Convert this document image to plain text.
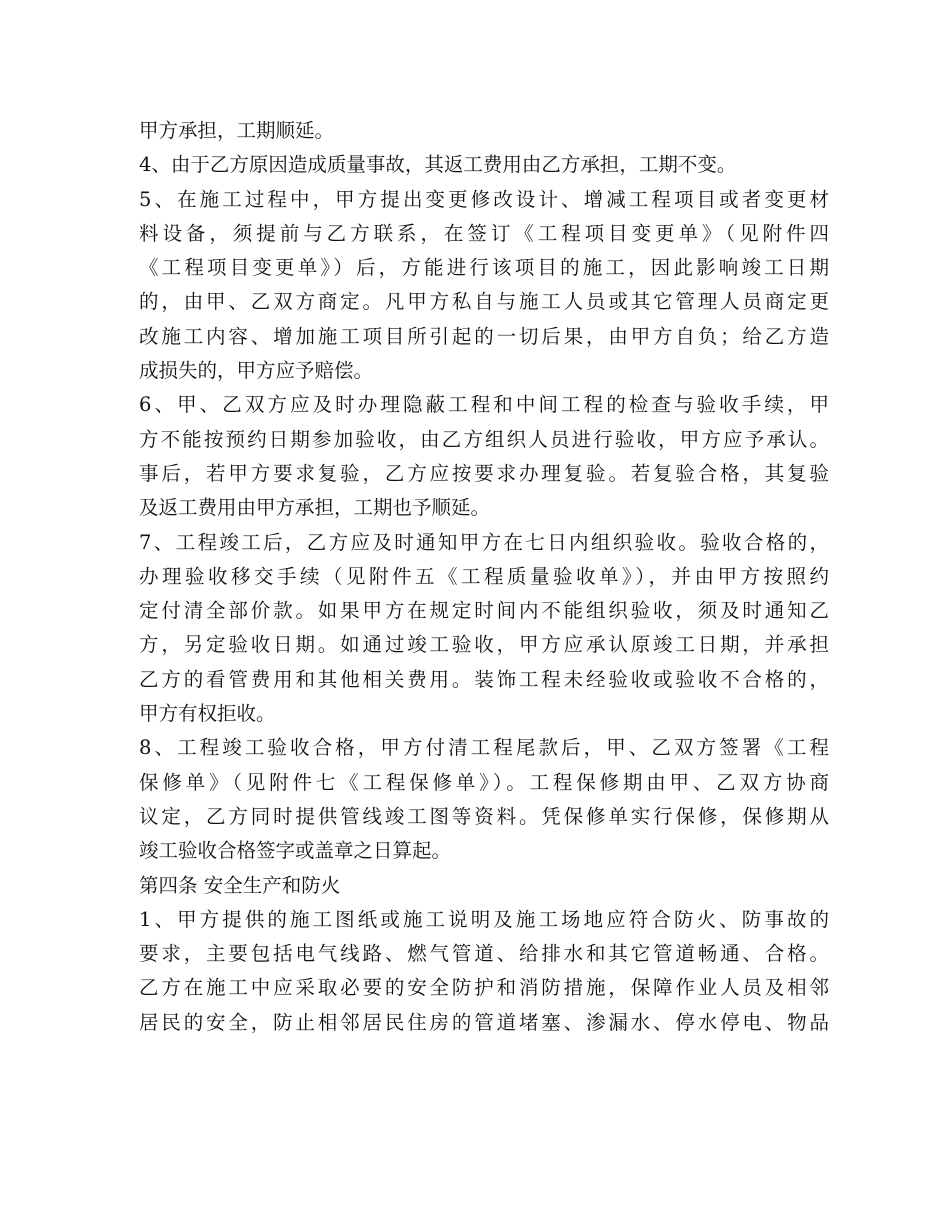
甲方承担，工期顺延。
4、由于乙方原因造成质量事故，其返工费用由乙方承担，工期不变。
5、在施工过程中，甲方提出变更修改设计、增减工程项目或者变更材
料设备，须提前与乙方联系，在签订《工程项目变更单》（见附件四
《工程项目变更单》）后，方能进行该项目的施工，因此影响竣工日期
的，由甲、乙双方商定。凡甲方私自与施工人员或其它管理人员商定更
改施工内容、增加施工项目所引起的一切后果，由甲方自负；给乙方造
成损失的，甲方应予赔偿。
6、甲、乙双方应及时办理隐蔽工程和中间工程的检查与验收手续，甲
方不能按预约日期参加验收，由乙方组织人员进行验收，甲方应予承认。
事后，若甲方要求复验，乙方应按要求办理复验。若复验合格，其复验
及返工费用由甲方承担，工期也予顺延。
7、工程竣工后，乙方应及时通知甲方在七日内组织验收。验收合格的，
办理验收移交手续（见附件五《工程质量验收单》），并由甲方按照约
定付清全部价款。如果甲方在规定时间内不能组织验收，须及时通知乙
方，另定验收日期。如通过竣工验收，甲方应承认原竣工日期，并承担
乙方的看管费用和其他相关费用。装饰工程未经验收或验收不合格的，
甲方有权拒收。
8、工程竣工验收合格，甲方付清工程尾款后，甲、乙双方签署《工程
保修单》（见附件七《工程保修单》）。工程保修期由甲、乙双方协商
议定，乙方同时提供管线竣工图等资料。凭保修单实行保修，保修期从
竣工验收合格签字或盖章之日算起。
第四条 安全生产和防火
1、甲方提供的施工图纸或施工说明及施工场地应符合防火、防事故的
要求，主要包括电气线路、燃气管道、给排水和其它管道畅通、合格。
乙方在施工中应采取必要的安全防护和消防措施，保障作业人员及相邻
居民的安全，防止相邻居民住房的管道堵塞、渗漏水、停水停电、物品
